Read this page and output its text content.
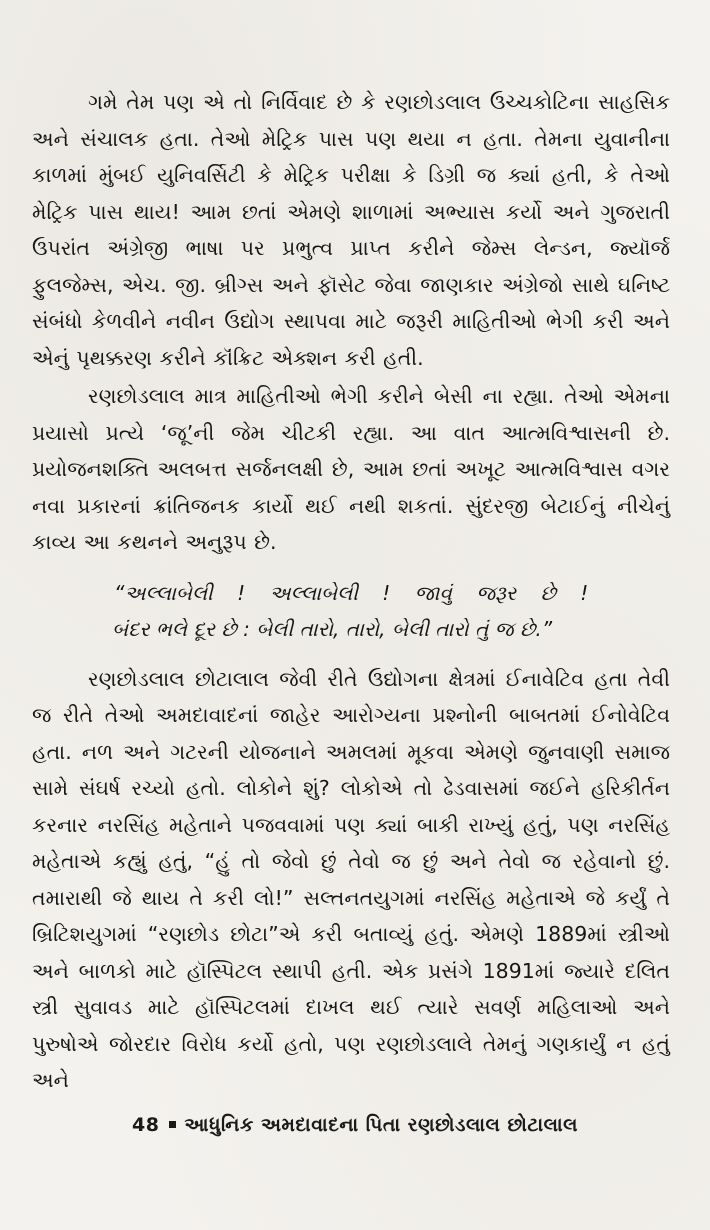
ગમે તેમ પણ એ તો નિર્વિવાદ છે કે રણછોડલાલ ઉચ્ચકોટિના સાહસિક અને સંચાલક હતા. તેઓ મેટ્રિક પાસ પણ થયા ન હતા. તેમના યુવાનીના કાળમાં મુંબઈ યુનિવર્સિટી કે મેટ્રિક પરીક્ષા કે ડિગ્રી જ ક્યાં હતી, કે તેઓ મેટ્રિક પાસ થાય! આમ છતાં એમણે શાળામાં અભ્યાસ કર્યો અને ગુજરાતી ઉપરાંત અંગ્રેજી ભાષા પર પ્રભુત્વ પ્રાપ્ત કરીને જેમ્સ લેન્ડન, જ્યૉર્જ ફુલજેમ્સ, એચ. જી. બ્રીગ્સ અને ફૉસેટ જેવા જાણકાર અંગ્રેજો સાથે ઘનિષ્ટ સંબંધો કેળવીને નવીન ઉદ્યોગ સ્થાપવા માટે જરૂરી માહિતીઓ ભેગી કરી અને એનું પૃથક્કરણ કરીને કૉંક્રિટ એક્શન કરી હતી.

રણછોડલાલ માત્ર માહિતીઓ ભેગી કરીને બેસી ના રહ્યા. તેઓ એમના પ્રયાસો પ્રત્યે ‘જૂ’ની જેમ ચીટકી રહ્યા. આ વાત આત્મવિશ્વાસની છે. પ્રયોજનશક્તિ અલબત્ત સર્જનલક્ષી છે, આમ છતાં અખૂટ આત્મવિશ્વાસ વગર નવા પ્રકારનાં ક્રાંતિજનક કાર્યો થઈ નથી શકતાં. સુંદરજી બેટાઈનું નીચેનું કાવ્ય આ કથનને અનુરૂપ છે.

“અલ્લાબેલી ! અલ્લાબેલી ! જાવું જરૂર છે !
બંદર ભલે દૂર છે : બેલી તારો, તારો, બેલી તારો તું જ છે.”

રણછોડલાલ છોટાલાલ જેવી રીતે ઉદ્યોગના ક્ષેત્રમાં ઈનાવેટિવ હતા તેવી જ રીતે તેઓ અમદાવાદનાં જાહેર આરોગ્યના પ્રશ્નોની બાબતમાં ઈનોવેટિવ હતા. નળ અને ગટરની યોજનાને અમલમાં મૂકવા એમણે જુનવાણી સમાજ સામે સંઘર્ષ રચ્યો હતો. લોકોને શું? લોકોએ તો ઢેડવાસમાં જઈને હરિકીર્તન કરનાર નરસિંહ મહેતાને પજવવામાં પણ ક્યાં બાકી રાખ્યું હતું, પણ નરસિંહ મહેતાએ કહ્યું હતું, “હું તો જેવો છું તેવો જ છું અને તેવો જ રહેવાનો છું. તમારાથી જે થાય તે કરી લો!” સલ્તનતયુગમાં નરસિંહ મહેતાએ જે કર્યું તે બ્રિટિશયુગમાં “રણછોડ છોટા”એ કરી બતાવ્યું હતું. એમણે 1889માં સ્ત્રીઓ અને બાળકો માટે હૉસ્પિટલ સ્થાપી હતી. એક પ્રસંગે 1891માં જ્યારે દલિત સ્ત્રી સુવાવડ માટે હૉસ્પિટલમાં દાખલ થઈ ત્યારે સવર્ણ મહિલાઓ અને પુરુષોએ જોરદાર વિરોધ કર્યો હતો, પણ રણછોડલાલે તેમનું ગણકાર્યું ન હતું અને

48 આધુનિક અમદાવાદના પિતા રણછોડલાલ છોટાલાલ
